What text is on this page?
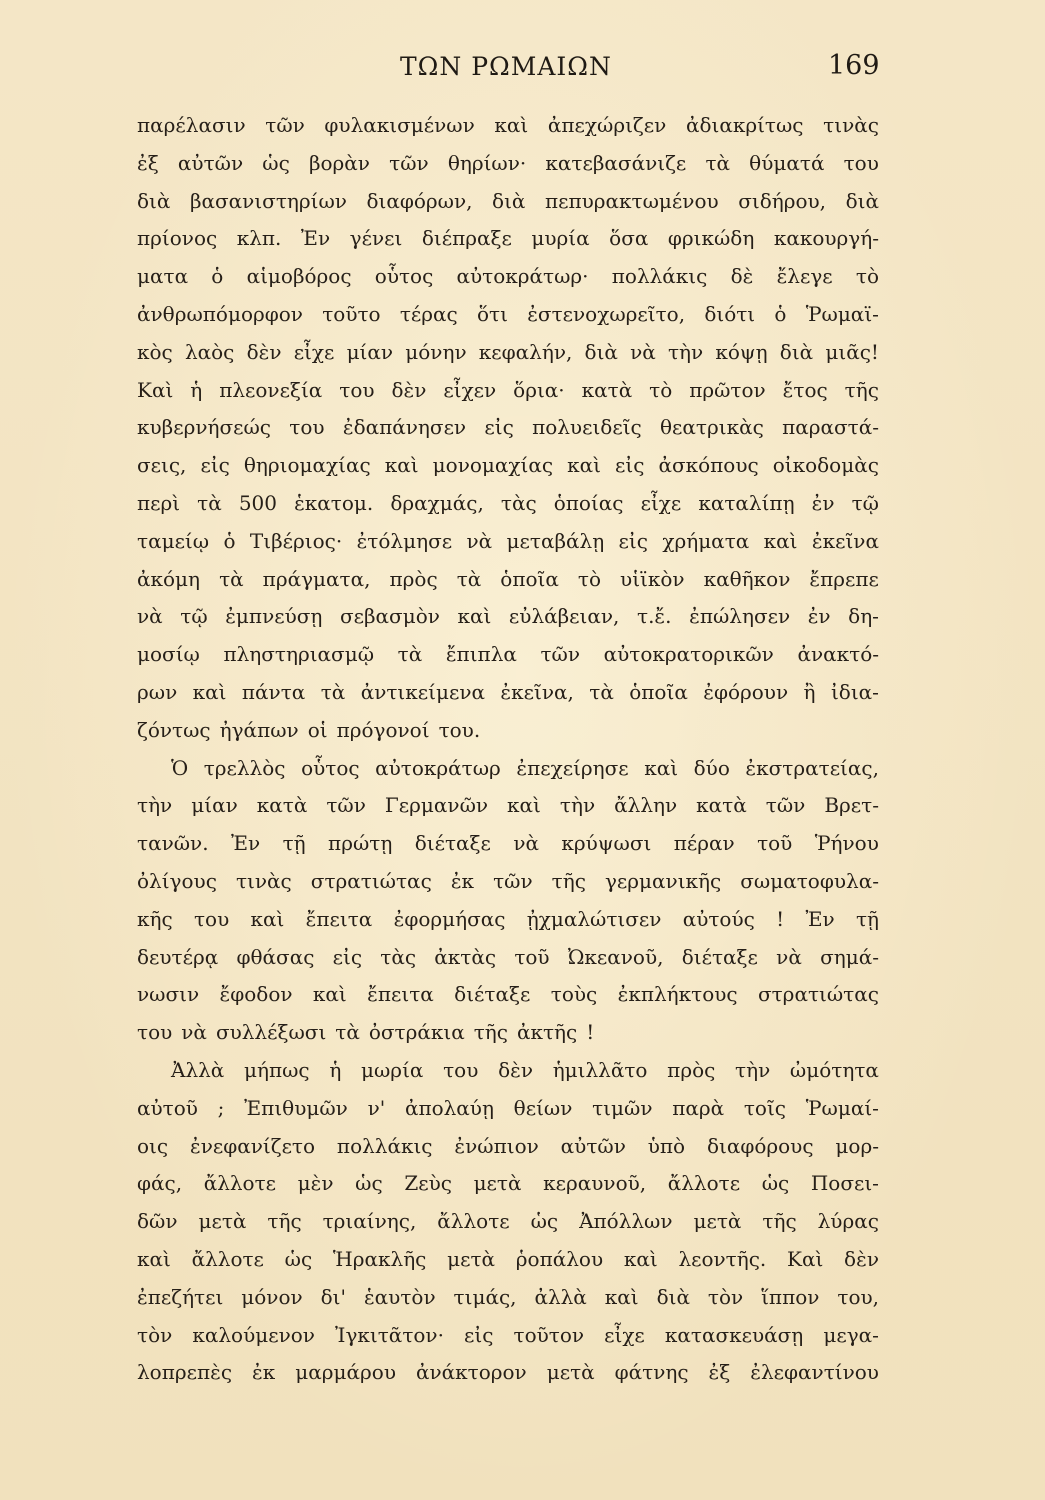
ΤΩΝ ΡΩΜΑΙΩΝ	169
παρέλασιν τῶν φυλακισμένων καὶ ἀπεχώριζεν ἀδιακρίτως τινὰς
ἐξ αὐτῶν ὡς βορὰν τῶν θηρίων· κατεβασάνιζε τὰ θύματά του
διὰ βασανιστηρίων διαφόρων, διὰ πεπυρακτωμένου σιδήρου, διὰ
πρίονος κλπ. Ἐν γένει διέπραξε μυρία ὅσα φρικώδη κακουργή-
ματα ὁ αἱμοβόρος οὗτος αὐτοκράτωρ· πολλάκις δὲ ἔλεγε τὸ
ἀνθρωπόμορφον τοῦτο τέρας ὅτι ἐστενοχωρεῖτο, διότι ὁ Ῥωμαϊ-
κὸς λαὸς δὲν εἶχε μίαν μόνην κεφαλήν, διὰ νὰ τὴν κόψῃ διὰ μιᾶς!
Καὶ ἡ πλεονεξία του δὲν εἶχεν ὅρια· κατὰ τὸ πρῶτον ἔτος τῆς
κυβερνήσεώς του ἐδαπάνησεν εἰς πολυειδεῖς θεατρικὰς παραστά-
σεις, εἰς θηριομαχίας καὶ μονομαχίας καὶ εἰς ἀσκόπους οἰκοδομὰς
περὶ τὰ 500 ἑκατομ. δραχμάς, τὰς ὁποίας εἶχε καταλίπῃ ἐν τῷ
ταμείῳ ὁ Τιβέριος· ἐτόλμησε νὰ μεταβάλῃ εἰς χρήματα καὶ ἐκεῖνα
ἀκόμη τὰ πράγματα, πρὸς τὰ ὁποῖα τὸ υἱϊκὸν καθῆκον ἔπρεπε
νὰ τῷ ἐμπνεύσῃ σεβασμὸν καὶ εὐλάβειαν, τ.ἔ. ἐπώλησεν ἐν δη-
μοσίῳ πληστηριασμῷ τὰ ἔπιπλα τῶν αὐτοκρατορικῶν ἀνακτό-
ρων καὶ πάντα τὰ ἀντικείμενα ἐκεῖνα, τὰ ὁποῖα ἐφόρουν ἢ ἰδια-
ζόντως ἠγάπων οἱ πρόγονοί του.
Ὁ τρελλὸς οὗτος αὐτοκράτωρ ἐπεχείρησε καὶ δύο ἐκστρατείας,
τὴν μίαν κατὰ τῶν Γερμανῶν καὶ τὴν ἄλλην κατὰ τῶν Βρετ-
τανῶν. Ἐν τῇ πρώτῃ διέταξε νὰ κρύψωσι πέραν τοῦ Ῥήνου
ὀλίγους τινὰς στρατιώτας ἐκ τῶν τῆς γερμανικῆς σωματοφυλα-
κῆς του καὶ ἔπειτα ἐφορμήσας ᾐχμαλώτισεν αὐτούς ! Ἐν τῇ
δευτέρᾳ φθάσας εἰς τὰς ἀκτὰς τοῦ Ὠκεανοῦ, διέταξε νὰ σημά-
νωσιν ἔφοδον καὶ ἔπειτα διέταξε τοὺς ἐκπλήκτους στρατιώτας
του νὰ συλλέξωσι τὰ ὀστράκια τῆς ἀκτῆς !
Ἀλλὰ μήπως ἡ μωρία του δὲν ἡμιλλᾶτο πρὸς τὴν ὠμότητα
αὐτοῦ ; Ἐπιθυμῶν ν' ἀπολαύῃ θείων τιμῶν παρὰ τοῖς Ῥωμαί-
οις ἐνεφανίζετο πολλάκις ἐνώπιον αὐτῶν ὑπὸ διαφόρους μορ-
φάς, ἄλλοτε μὲν ὡς Ζεὺς μετὰ κεραυνοῦ, ἄλλοτε ὡς Ποσει-
δῶν μετὰ τῆς τριαίνης, ἄλλοτε ὡς Ἀπόλλων μετὰ τῆς λύρας
καὶ ἄλλοτε ὡς Ἡρακλῆς μετὰ ῥοπάλου καὶ λεοντῆς. Καὶ δὲν
ἐπεζήτει μόνον δι' ἑαυτὸν τιμάς, ἀλλὰ καὶ διὰ τὸν ἵππον του,
τὸν καλούμενον Ἰγκιτᾶτον· εἰς τοῦτον εἶχε κατασκευάσῃ μεγα-
λοπρεπὲς ἐκ μαρμάρου ἀνάκτορον μετὰ φάτνης ἐξ ἐλεφαντίνου
